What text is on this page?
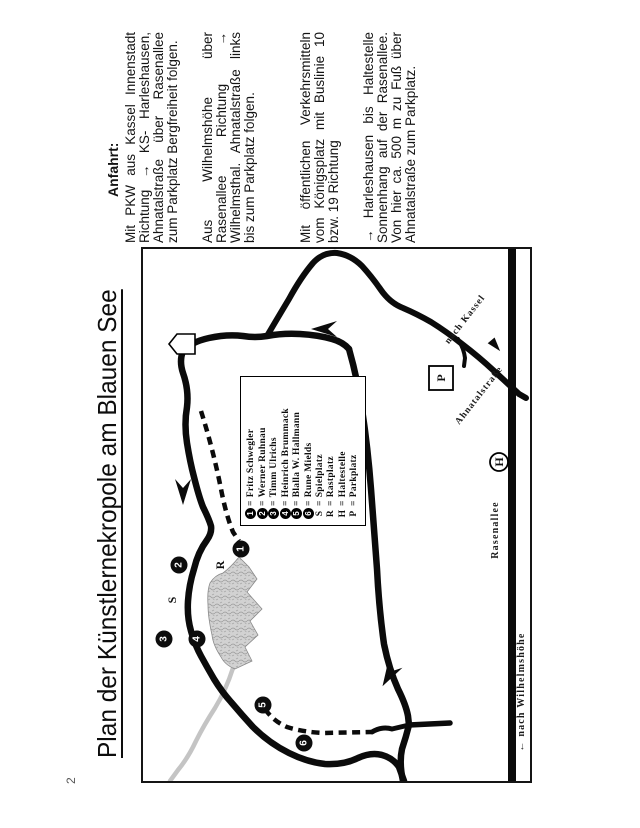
2
Plan der Künstlernekropole am Blauen See
Anfahrt: Mit PKW aus Kassel Innenstadt Richtung → KS- Harleshausen, Ahnatalstraße über Rasenallee zum Parkplatz Bergfreiheit folgen. Aus Wilhelmshöhe über Rasenallee Richtung → Wilhelmsthal. Ahnatalstraße links bis zum Parkplatz folgen.	Mit öffentlichen Verkehrsmitteln vom Königsplatz mit Buslinie 10 bzw. 19 Richtung → Harleshausen bis Haltestelle Sonnenhang auf der Rasenallee. Von hier ca. 500 m zu Fuß über Ahnatalstraße zum Parkplatz.

P
H
Rasenallee
← nach Wilhelmshöhe
nach Kassel
Ahnatalstraße
1
2
3 4
5
6
S
R
1=Fritz Schwegler
2=Werner Ruhnau
3=Timm Ulrichs
4=Heinrich Brummack
5=Blalla W. Hallmann
6=Rune Mields
S=Spielplatz
R=Rastplatz
H=Haltestelle
P=Parkplatz
